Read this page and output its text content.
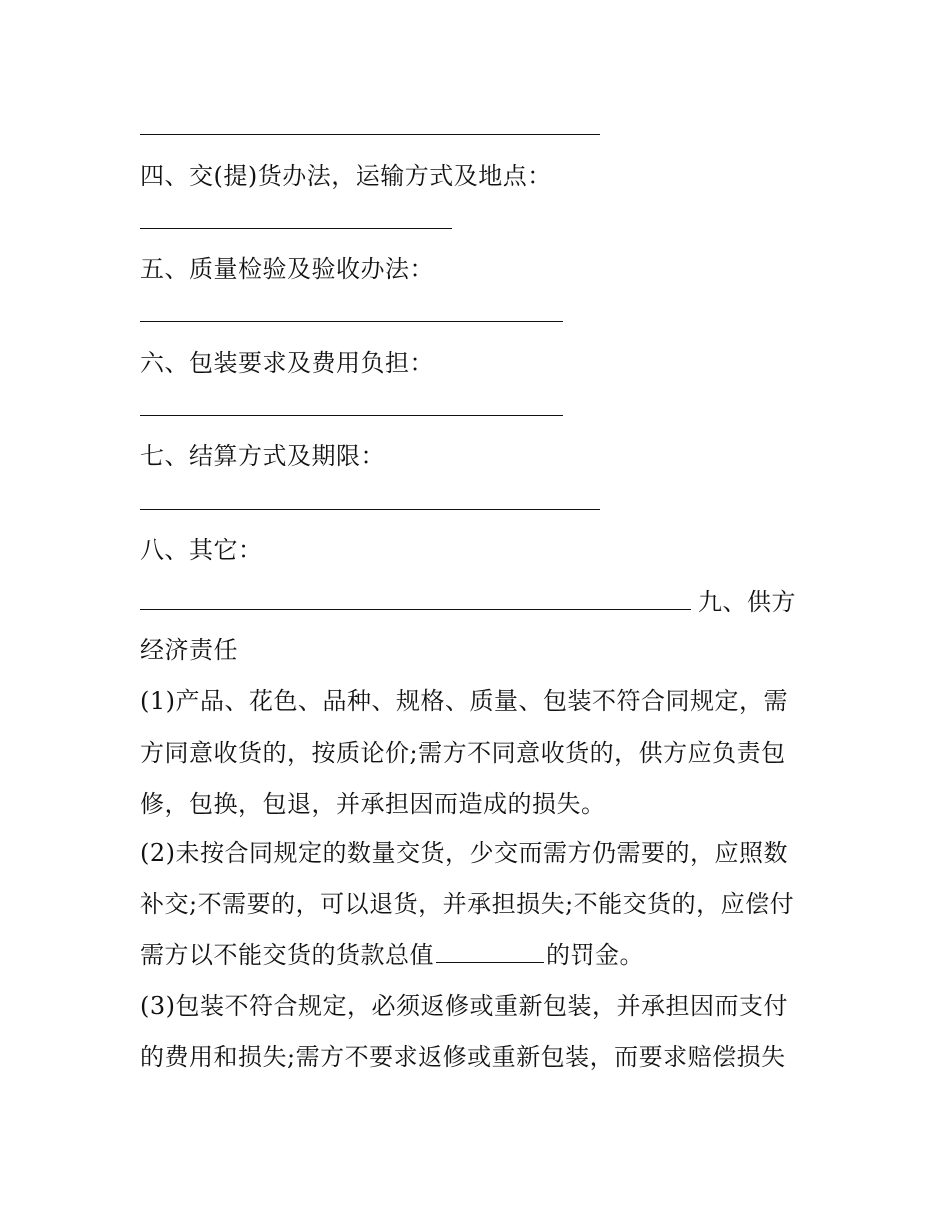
四、交(提)货办法，运输方式及地点：
五、质量检验及验收办法：
六、包装要求及费用负担：
七、结算方式及期限：
八、其它：
九、供方
经济责任
(1)产品、花色、品种、规格、质量、包装不符合同规定，需
方同意收货的，按质论价;需方不同意收货的，供方应负责包
修，包换，包退，并承担因而造成的损失。
(2)未按合同规定的数量交货，少交而需方仍需要的，应照数
补交;不需要的，可以退货，并承担损失;不能交货的，应偿付
需方以不能交货的货款总值	的罚金。
(3)包装不符合规定，必须返修或重新包装，并承担因而支付
的费用和损失;需方不要求返修或重新包装，而要求赔偿损失
